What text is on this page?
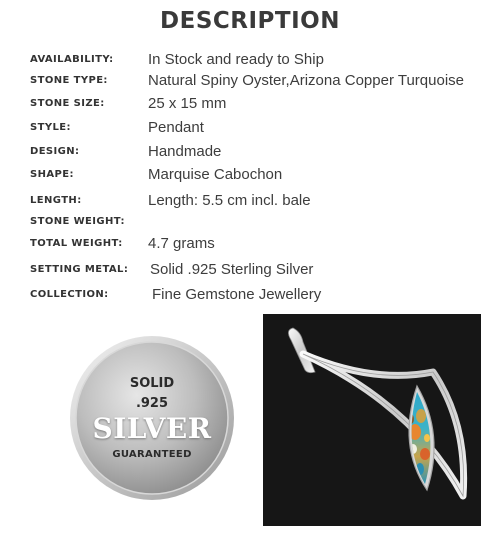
DESCRIPTION
AVAILABILITY: In Stock and ready to Ship
STONE TYPE:	Natural Spiny Oyster,Arizona Copper Turquoise
STONE SIZE:	25 x 15 mm
STYLE:	Pendant
DESIGN:	Handmade
SHAPE:	Marquise Cabochon
LENGTH:	Length: 5.5 cm incl. bale
STONE WEIGHT:
TOTAL WEIGHT: 4.7 grams
SETTING METAL: Solid .925 Sterling Silver
COLLECTION:	Fine Gemstone Jewellery
SOLID
.925
SILVER
GUARANTEED
